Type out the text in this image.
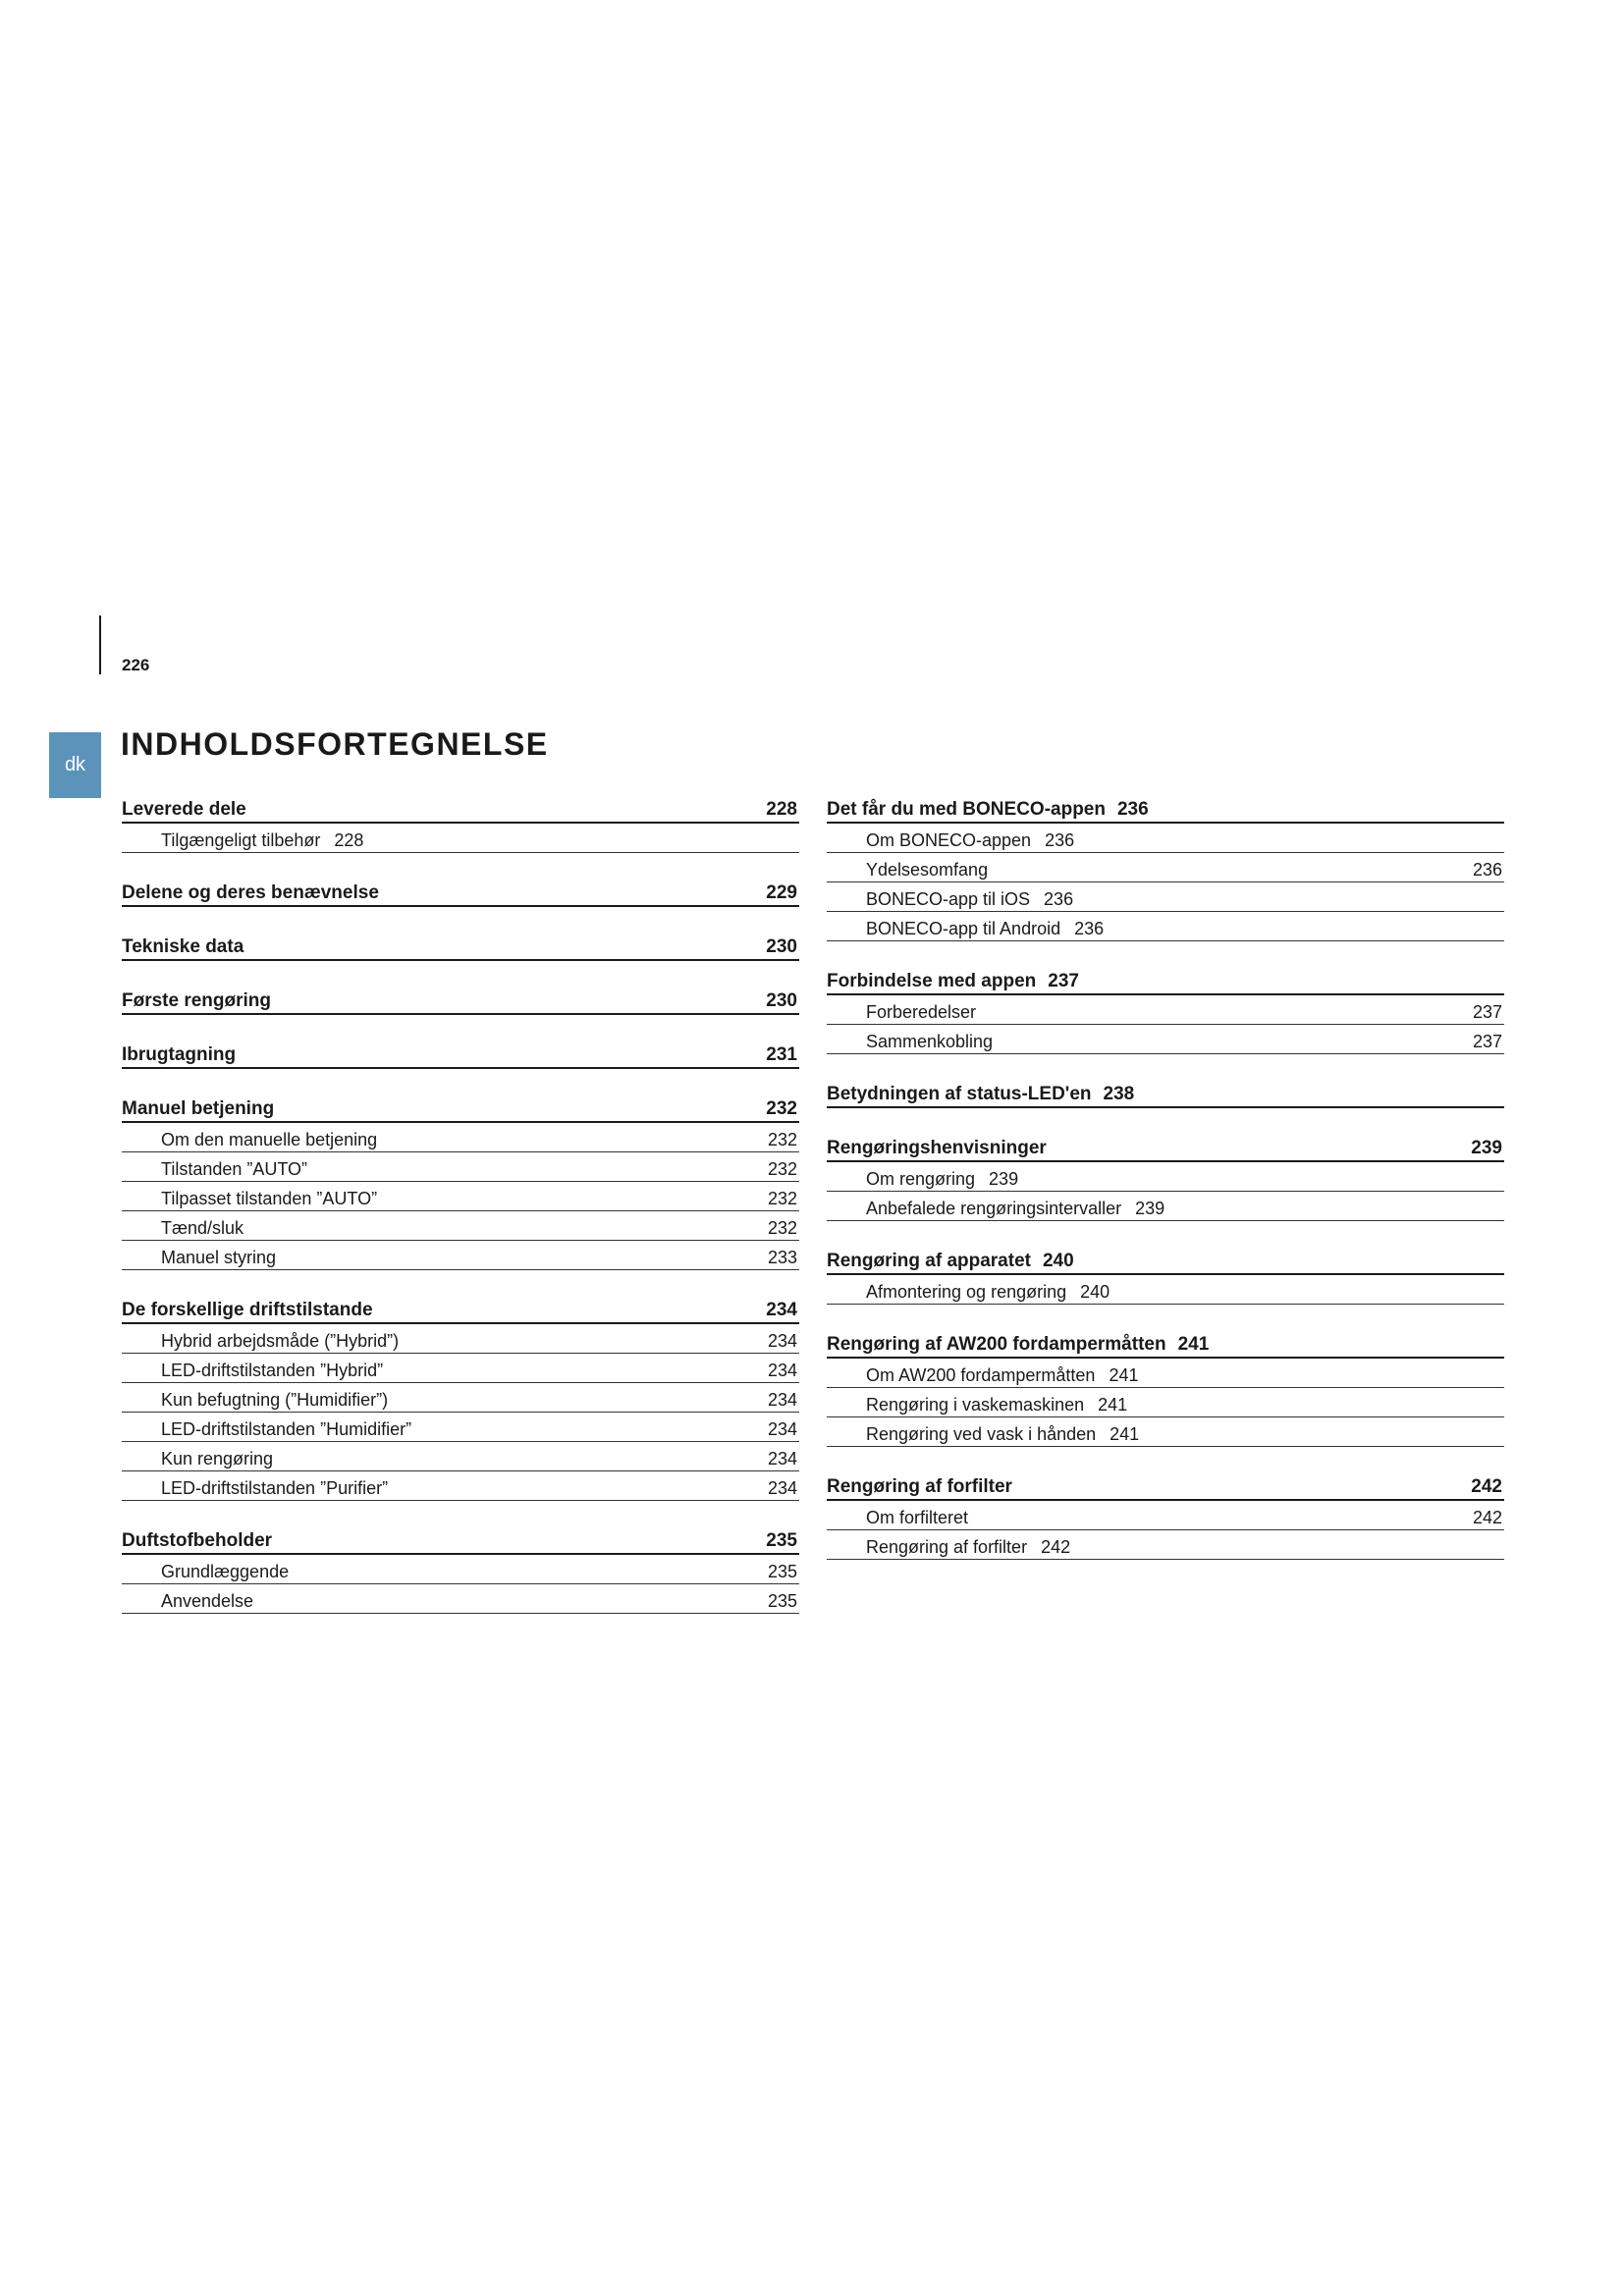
226
dk
INDHOLDSFORTEGNELSE
Leverede dele	228
Tilgængeligt tilbehør 228
Delene og deres benævnelse	229
Tekniske data	230
Første rengøring	230
Ibrugtagning	231
Manuel betjening	232
Om den manuelle betjening	232
Tilstanden ”AUTO”	232
Tilpasset tilstanden ”AUTO”	232
Tænd/sluk	232
Manuel styring	233
De forskellige driftstilstande	234
Hybrid arbejdsmåde (”Hybrid”)	234
LED-driftstilstanden ”Hybrid”	234
Kun befugtning (”Humidifier”)	234
LED-driftstilstanden ”Humidifier”	234
Kun rengøring	234
LED-driftstilstanden ”Purifier”	234
Duftstofbeholder	235
Grundlæggende	235
Anvendelse	235
Det får du med BONECO-appen 236
Om BONECO-appen 236
Ydelsesomfang	236
BONECO-app til iOS 236
BONECO-app til Android 236
Forbindelse med appen 237
Forberedelser	237
Sammenkobling	237
Betydningen af status-LED'en 238
Rengøringshenvisninger	239
Om rengøring 239
Anbefalede rengøringsintervaller 239
Rengøring af apparatet 240
Afmontering og rengøring 240
Rengøring af AW200 fordampermåtten 241
Om AW200 fordampermåtten 241
Rengøring i vaskemaskinen 241
Rengøring ved vask i hånden 241
Rengøring af forfilter	242
Om forfilteret	242
Rengøring af forfilter 242
